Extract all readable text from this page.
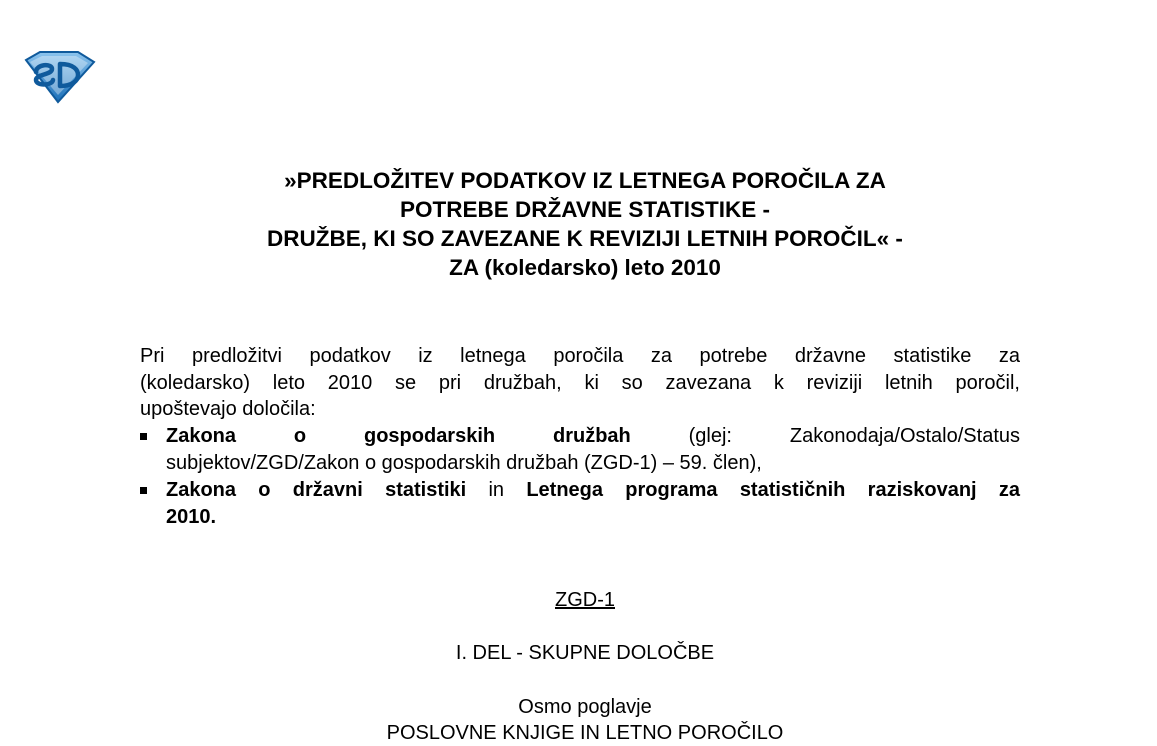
»PREDLOŽITEV PODATKOV IZ LETNEGA POROČILA ZA
POTREBE DRŽAVNE STATISTIKE -
DRUŽBE, KI SO ZAVEZANE K REVIZIJI LETNIH POROČIL« -
ZA (koledarsko) leto 2010
Pri predložitvi podatkov iz letnega poročila za potrebe državne statistike za
(koledarsko) leto 2010 se pri družbah, ki so zavezana k reviziji letnih poročil,
upoštevajo določila:
Zakona o gospodarskih družbah (glej: Zakonodaja/Ostalo/Status
subjektov/ZGD/Zakon o gospodarskih družbah (ZGD-1) – 59. člen),
Zakona o državni statistiki in Letnega programa statističnih raziskovanj za
2010.
ZGD-1
I. DEL - SKUPNE DOLOČBE
Osmo poglavje
POSLOVNE KNJIGE IN LETNO POROČILO
